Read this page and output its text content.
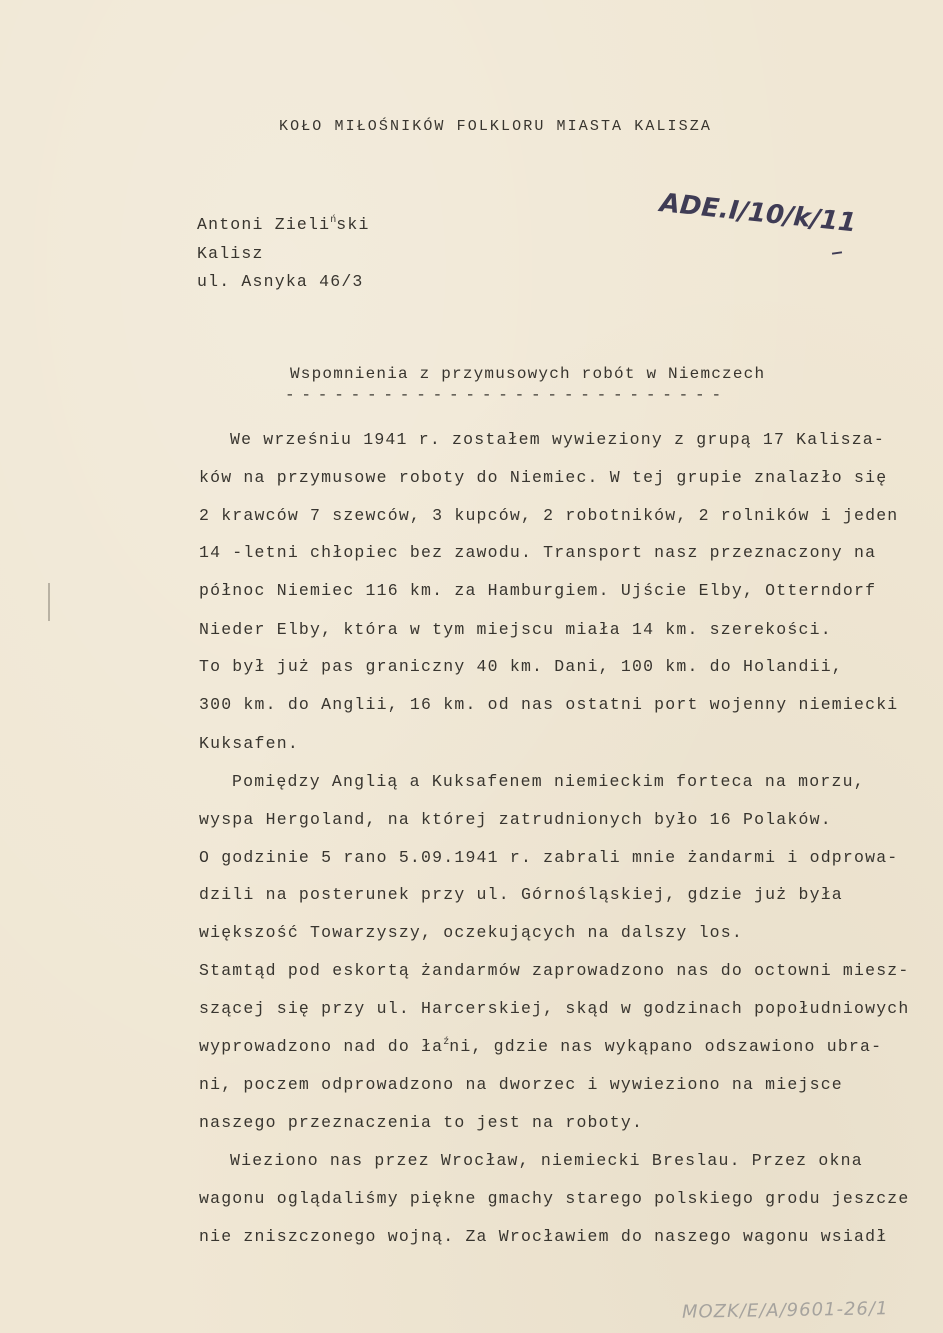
KOŁO MIŁOŚNIKÓW FOLKLORU MIASTA KALISZA
ADE.I/10/k/11
Antoni Zieli$^ń$ski
Kalisz
ul. Asnyka 46/3
Wspomnienia z przymusowych robót w Niemczech
---------------------------
We wrześniu 1941 r. zostałem wywieziony z grupą 17 Kalisza-
ków na przymusowe roboty do Niemiec. W tej grupie znalazło się
2 krawców 7 szewców, 3 kupców, 2 robotników, 2 rolników i jeden
14 -letni chłopiec bez zawodu. Transport nasz przeznaczony na
północ Niemiec 116 km. za Hamburgiem. Ujście Elby, Otterndorf
Nieder Elby, która w tym miejscu miała 14 km. szerekości.
To był już pas graniczny 40 km. Dani, 100 km. do Holandii,
300 km. do Anglii, 16 km. od nas ostatni port wojenny niemiecki
Kuksafen.
Pomiędzy Anglią a Kuksafenem niemieckim forteca na morzu,
wyspa Hergoland, na której zatrudnionych było 16 Polaków.
O godzinie 5 rano 5.09.1941 r. zabrali mnie żandarmi i odprowa-
dzili na posterunek przy ul. Górnośląskiej, gdzie już była
większość Towarzyszy, oczekujących na dalszy los.
Stamtąd pod eskortą żandarmów zaprowadzono nas do octowni miesz-
szącej się przy ul. Harcerskiej, skąd w godzinach popołudniowych
wyprowadzono nad do $ła^źni$, gdzie nas wykąpano odszawiono ubra-
ni, poczem odprowadzono na dworzec i wywieziono na miejsce
naszego przeznaczenia to jest na roboty.
Wieziono nas przez Wrocław, niemiecki Breslau. Przez okna
wagonu oglądaliśmy piękne gmachy starego polskiego grodu jeszcze
nie zniszczonego wojną. Za Wrocławiem do naszego wagonu wsiadł
MOZK/E/A/9601-26/1
